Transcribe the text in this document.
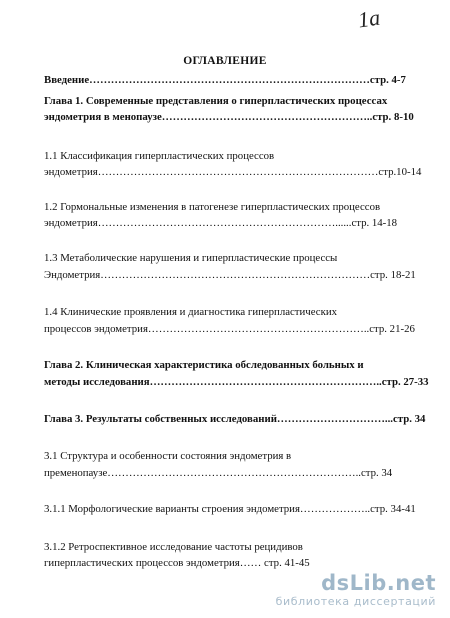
1a
ОГЛАВЛЕНИЕ
Введение……………………………………………………………………стр. 4-7
Глава 1. Современные представления о гиперпластических процессах
эндометрия в менопаузе…………………………………………………..стр. 8-10
1.1 Классификация гиперпластических процессов
эндометрия……………………………………………………………………стр.10-14
1.2 Гормональные изменения в патогенезе гиперпластических процессов
эндометрия…………………………………………………………......стр. 14-18
1.3 Метаболические нарушения и гиперпластические процессы
Эндометрия…………………………………………………………………стр. 18-21
1.4 Клинические проявления и диагностика гиперпластических
процессов эндометрия……………………………………………………..стр. 21-26
Глава 2. Клиническая характеристика обследованных больных и
методы исследования………………………………………………………..стр. 27-33
Глава 3. Результаты собственных исследований…………………………...стр. 34
3.1 Структура и особенности состояния эндометрия в
пременопаузе……………………………………………………………..стр. 34
3.1.1 Морфологические варианты строения эндометрия………………..стр. 34-41
3.1.2 Ретроспективное исследование частоты рецидивов
гиперпластических процессов эндометрия…… стр. 41-45
dsLib.net
библиотека диссертаций
